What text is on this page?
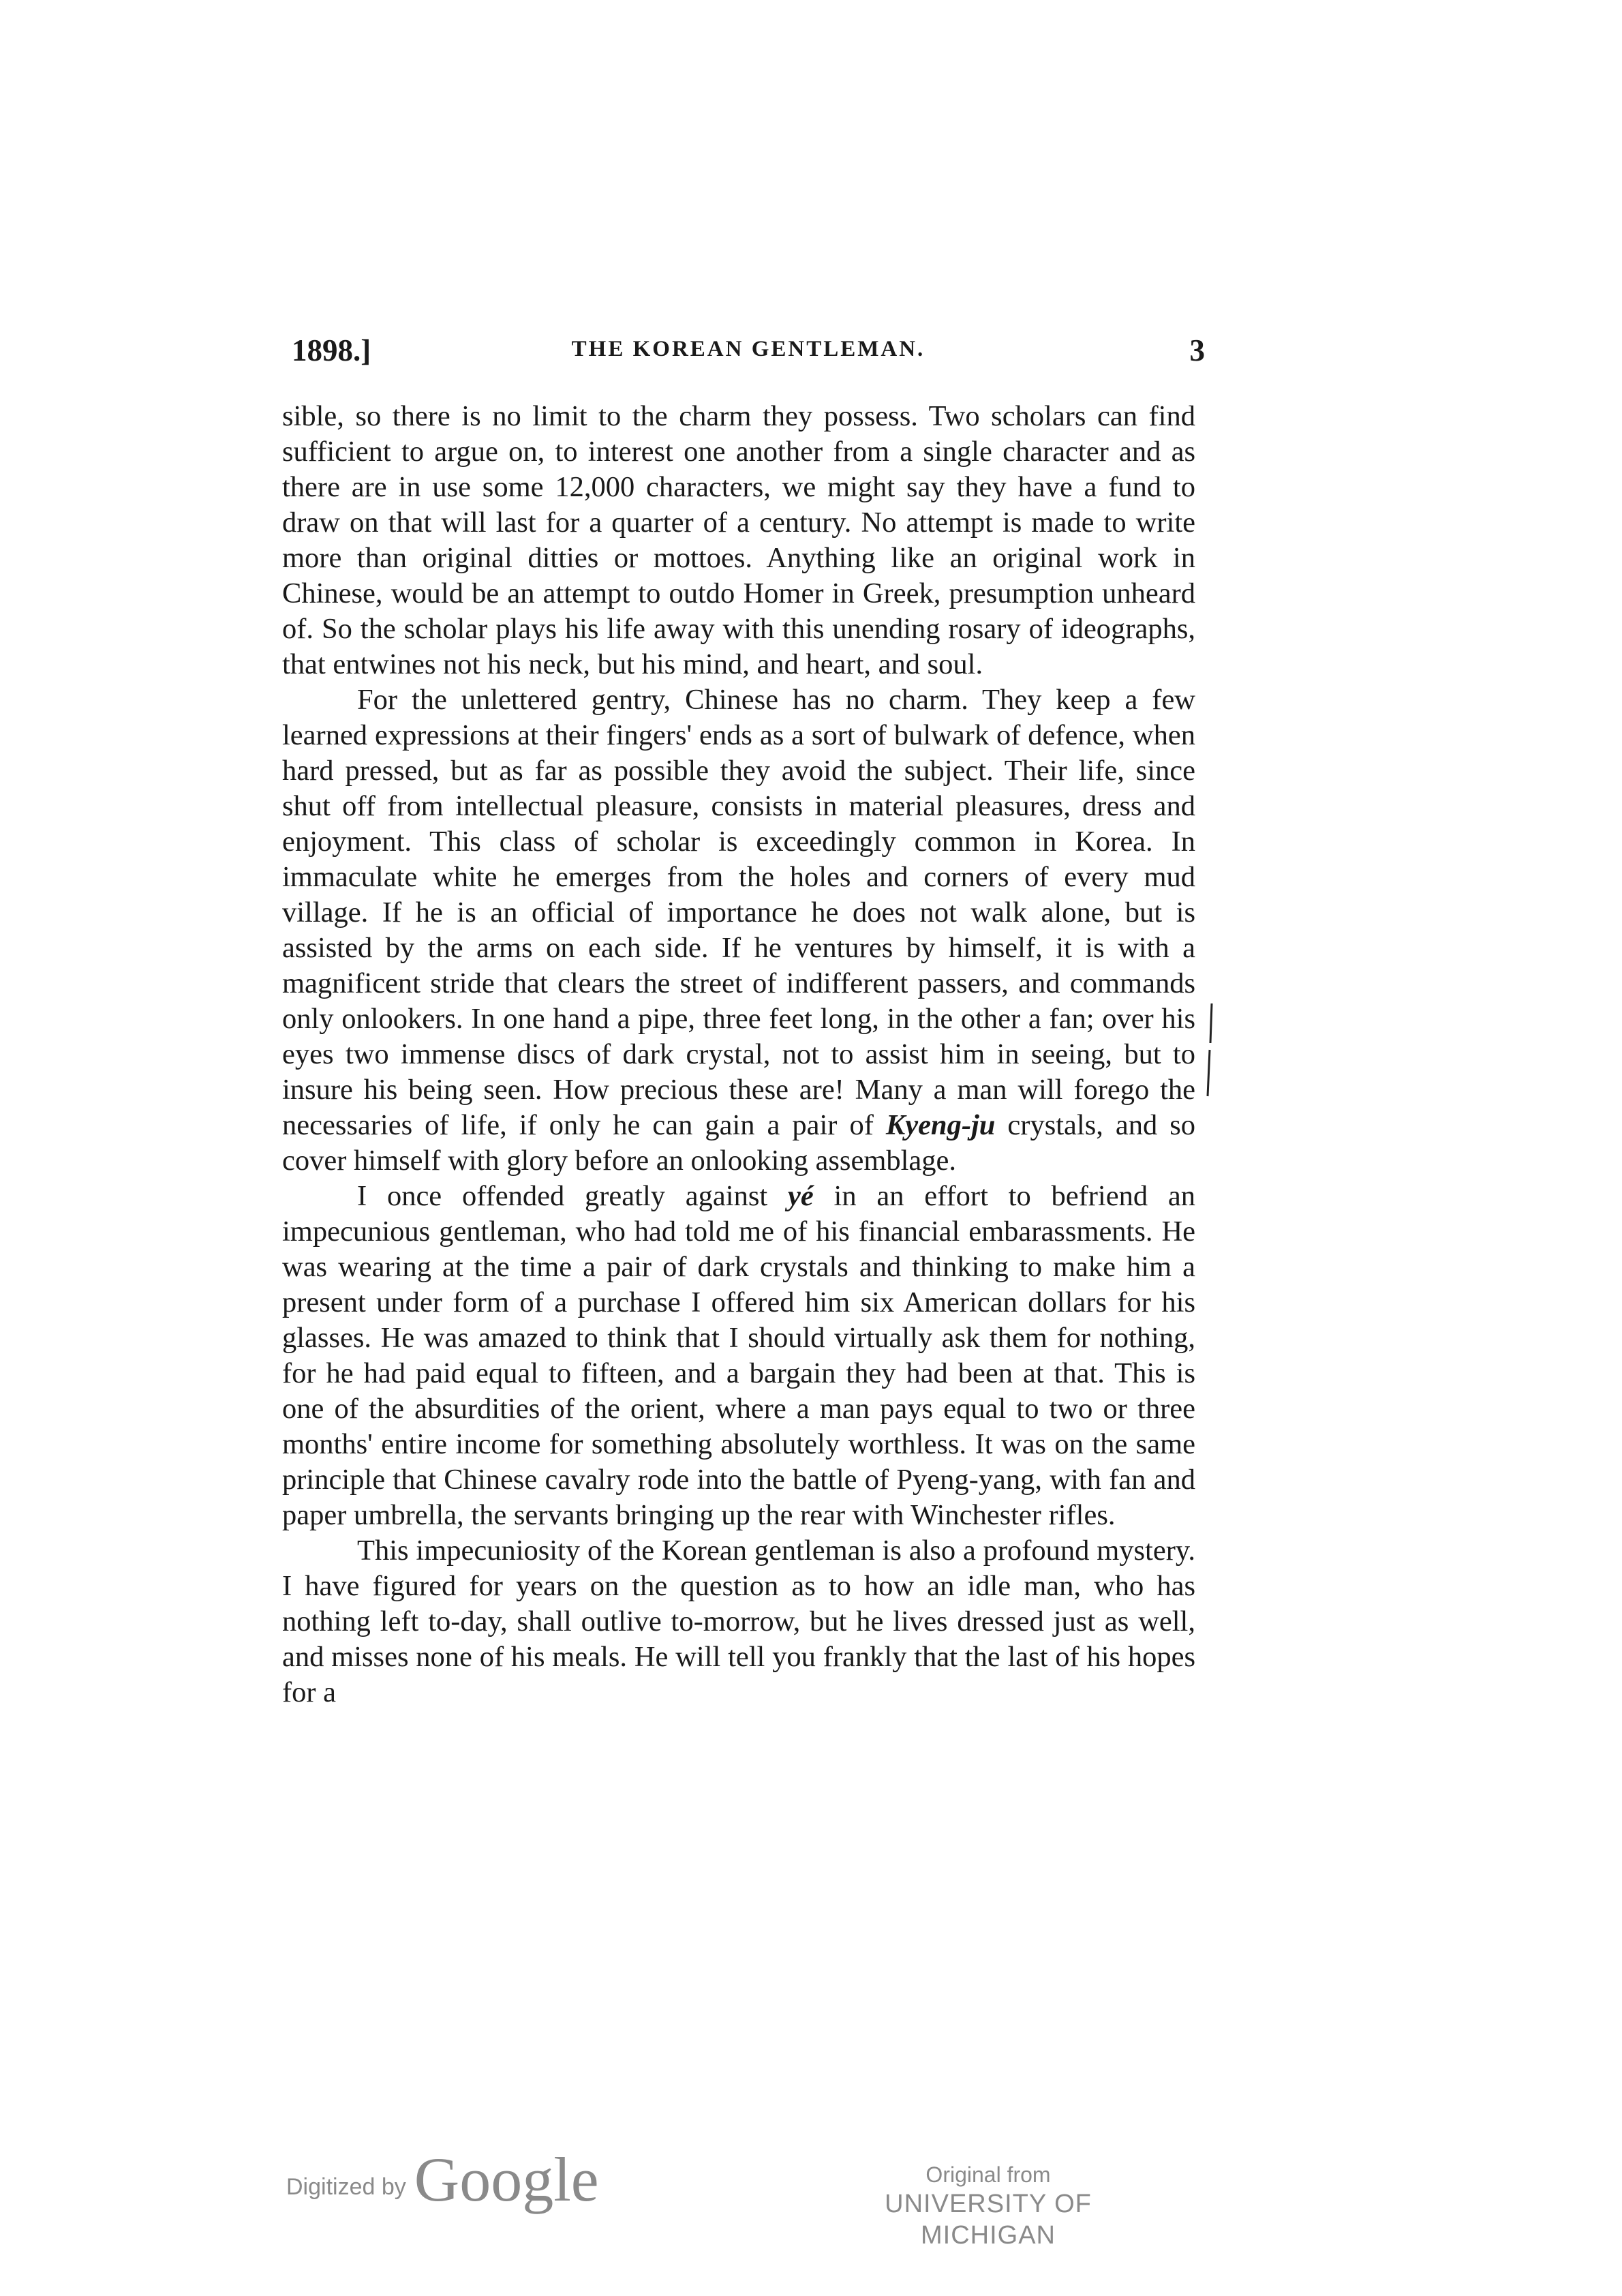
1898.]	THE KOREAN GENTLEMAN.	3

sible, so there is no limit to the charm they possess. Two scholars can find sufficient to argue on, to interest one another from a single character and as there are in use some 12,000 characters, we might say they have a fund to draw on that will last for a quarter of a century. No attempt is made to write more than original ditties or mottoes. Anything like an original work in Chinese, would be an attempt to outdo Homer in Greek, presumption unheard of. So the scholar plays his life away with this unending rosary of ideographs, that entwines not his neck, but his mind, and heart, and soul.

For the unlettered gentry, Chinese has no charm. They keep a few learned expressions at their fingers' ends as a sort of bulwark of defence, when hard pressed, but as far as possible they avoid the subject. Their life, since shut off from intellectual pleasure, consists in material pleasures, dress and enjoyment. This class of scholar is exceedingly common in Korea. In immaculate white he emerges from the holes and corners of every mud village. If he is an official of importance he does not walk alone, but is assisted by the arms on each side. If he ventures by himself, it is with a magnificent stride that clears the street of indifferent passers, and commands only onlookers. In one hand a pipe, three feet long, in the other a fan; over his eyes two immense discs of dark crystal, not to assist him in seeing, but to insure his being seen. How precious these are! Many a man will forego the necessaries of life, if only he can gain a pair of Kyeng-ju crystals, and so cover himself with glory before an onlooking assemblage.

I once offended greatly against yé in an effort to befriend an impecunious gentleman, who had told me of his financial embarassments. He was wearing at the time a pair of dark crystals and thinking to make him a present under form of a purchase I offered him six American dollars for his glasses. He was amazed to think that I should virtually ask them for nothing, for he had paid equal to fifteen, and a bargain they had been at that. This is one of the absurdities of the orient, where a man pays equal to two or three months' entire income for something absolutely worthless. It was on the same principle that Chinese cavalry rode into the battle of Pyeng-yang, with fan and paper umbrella, the servants bringing up the rear with Winchester rifles.

This impecuniosity of the Korean gentleman is also a profound mystery. I have figured for years on the question as to how an idle man, who has nothing left to-day, shall outlive to-morrow, but he lives dressed just as well, and misses none of his meals. He will tell you frankly that the last of his hopes for a

Digitized by Google	Original from
UNIVERSITY OF MICHIGAN
